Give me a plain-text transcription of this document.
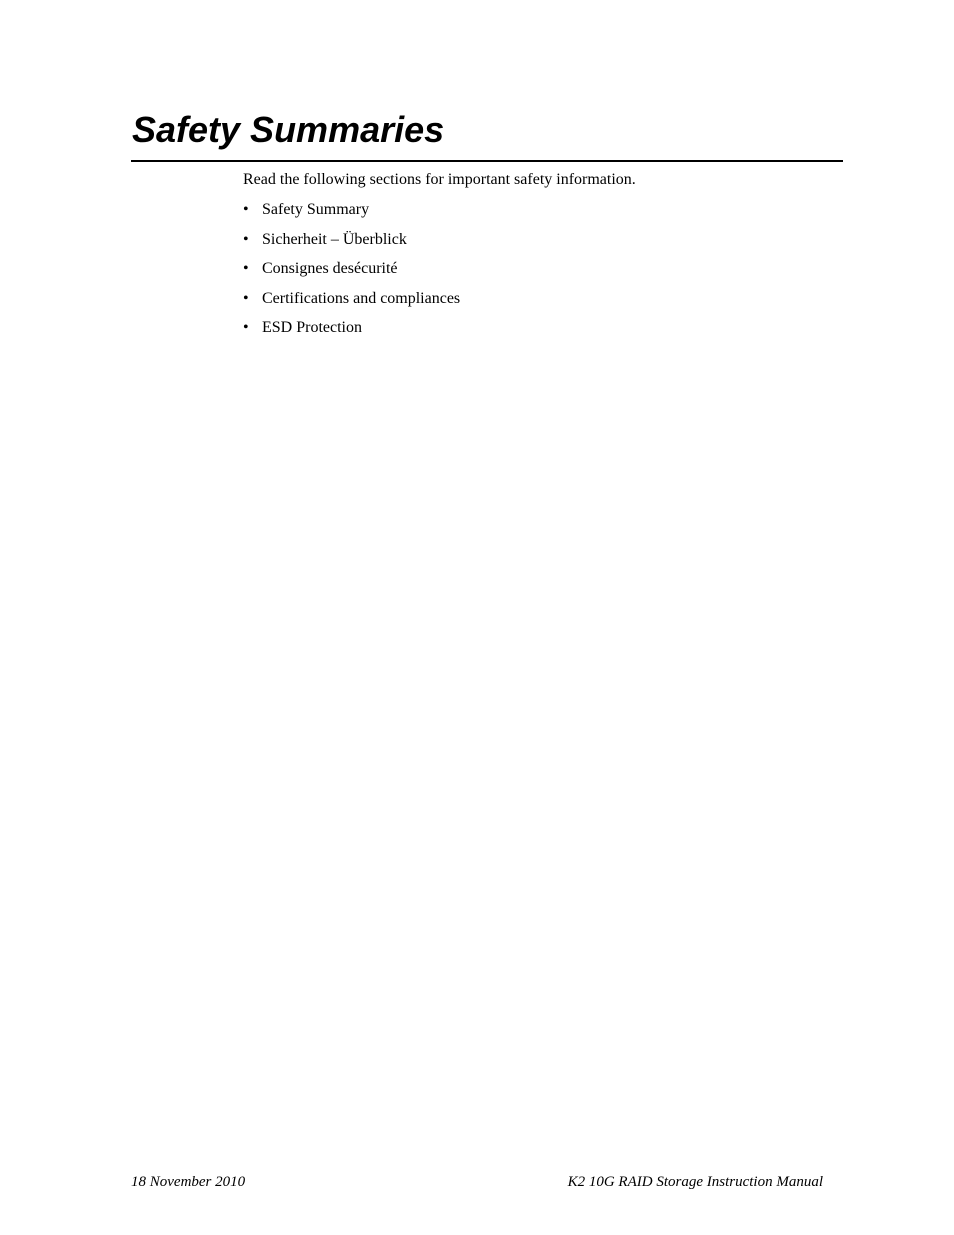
Safety Summaries

Read the following sections for important safety information.

• Safety Summary
• Sicherheit – Überblick
• Consignes desécurité
• Certifications and compliances
• ESD Protection
18 November 2010	K2 10G RAID Storage Instruction Manual
